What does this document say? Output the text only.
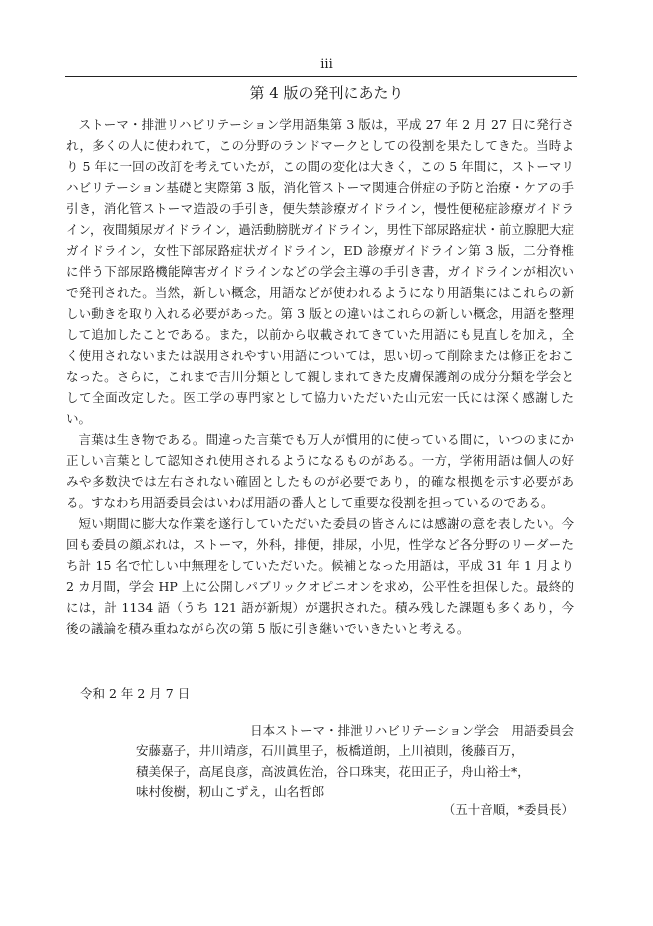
iii
第 4 版の発刊にあたり

ストーマ・排泄リハビリテーション学用語集第 3 版は，平成 27 年 2 月 27 日に発行され，多くの人に使われて，この分野のランドマークとしての役割を果たしてきた。当時より 5 年に一回の改訂を考えていたが，この間の変化は大きく，この 5 年間に，ストーマリハビリテーション基礎と実際第 3 版，消化管ストーマ関連合併症の予防と治療・ケアの手引き，消化管ストーマ造設の手引き，便失禁診療ガイドライン，慢性便秘症診療ガイドライン，夜間頻尿ガイドライン，過活動膀胱ガイドライン，男性下部尿路症状・前立腺肥大症ガイドライン，女性下部尿路症状ガイドライン，ED 診療ガイドライン第 3 版，二分脊椎に伴う下部尿路機能障害ガイドラインなどの学会主導の手引き書，ガイドラインが相次いで発刊された。当然，新しい概念，用語などが使われるようになり用語集にはこれらの新しい動きを取り入れる必要があった。第 3 版との違いはこれらの新しい概念，用語を整理して追加したことである。また，以前から収載されてきていた用語にも見直しを加え，全く使用されないまたは誤用されやすい用語については，思い切って削除または修正をおこなった。さらに，これまで吉川分類として親しまれてきた皮膚保護剤の成分分類を学会として全面改定した。医工学の専門家として協力いただいた山元宏一氏には深く感謝したい。

言葉は生き物である。間違った言葉でも万人が慣用的に使っている間に，いつのまにか正しい言葉として認知され使用されるようになるものがある。一方，学術用語は個人の好みや多数決では左右されない確固としたものが必要であり，的確な根拠を示す必要がある。すなわち用語委員会はいわば用語の番人として重要な役割を担っているのである。

短い期間に膨大な作業を遂行していただいた委員の皆さんには感謝の意を表したい。今回も委員の顔ぶれは，ストーマ，外科，排便，排尿，小児，性学など各分野のリーダーたち計 15 名で忙しい中無理をしていただいた。候補となった用語は，平成 31 年 1 月より 2 カ月間，学会 HP 上に公開しパブリックオピニオンを求め，公平性を担保した。最終的には，計 1134 語（うち 121 語が新規）が選択された。積み残した課題も多くあり，今後の議論を積み重ねながら次の第 5 版に引き継いでいきたいと考える。

令和 2 年 2 月 7 日
日本ストーマ・排泄リハビリテーション学会　用語委員会
安藤嘉子，井川靖彦，石川眞里子，板橋道朗，上川禎則，後藤百万，
積美保子，高尾良彦，高波眞佐治，谷口珠実，花田正子，舟山裕士*，
味村俊樹，籾山こずえ，山名哲郎
（五十音順，*委員長）
